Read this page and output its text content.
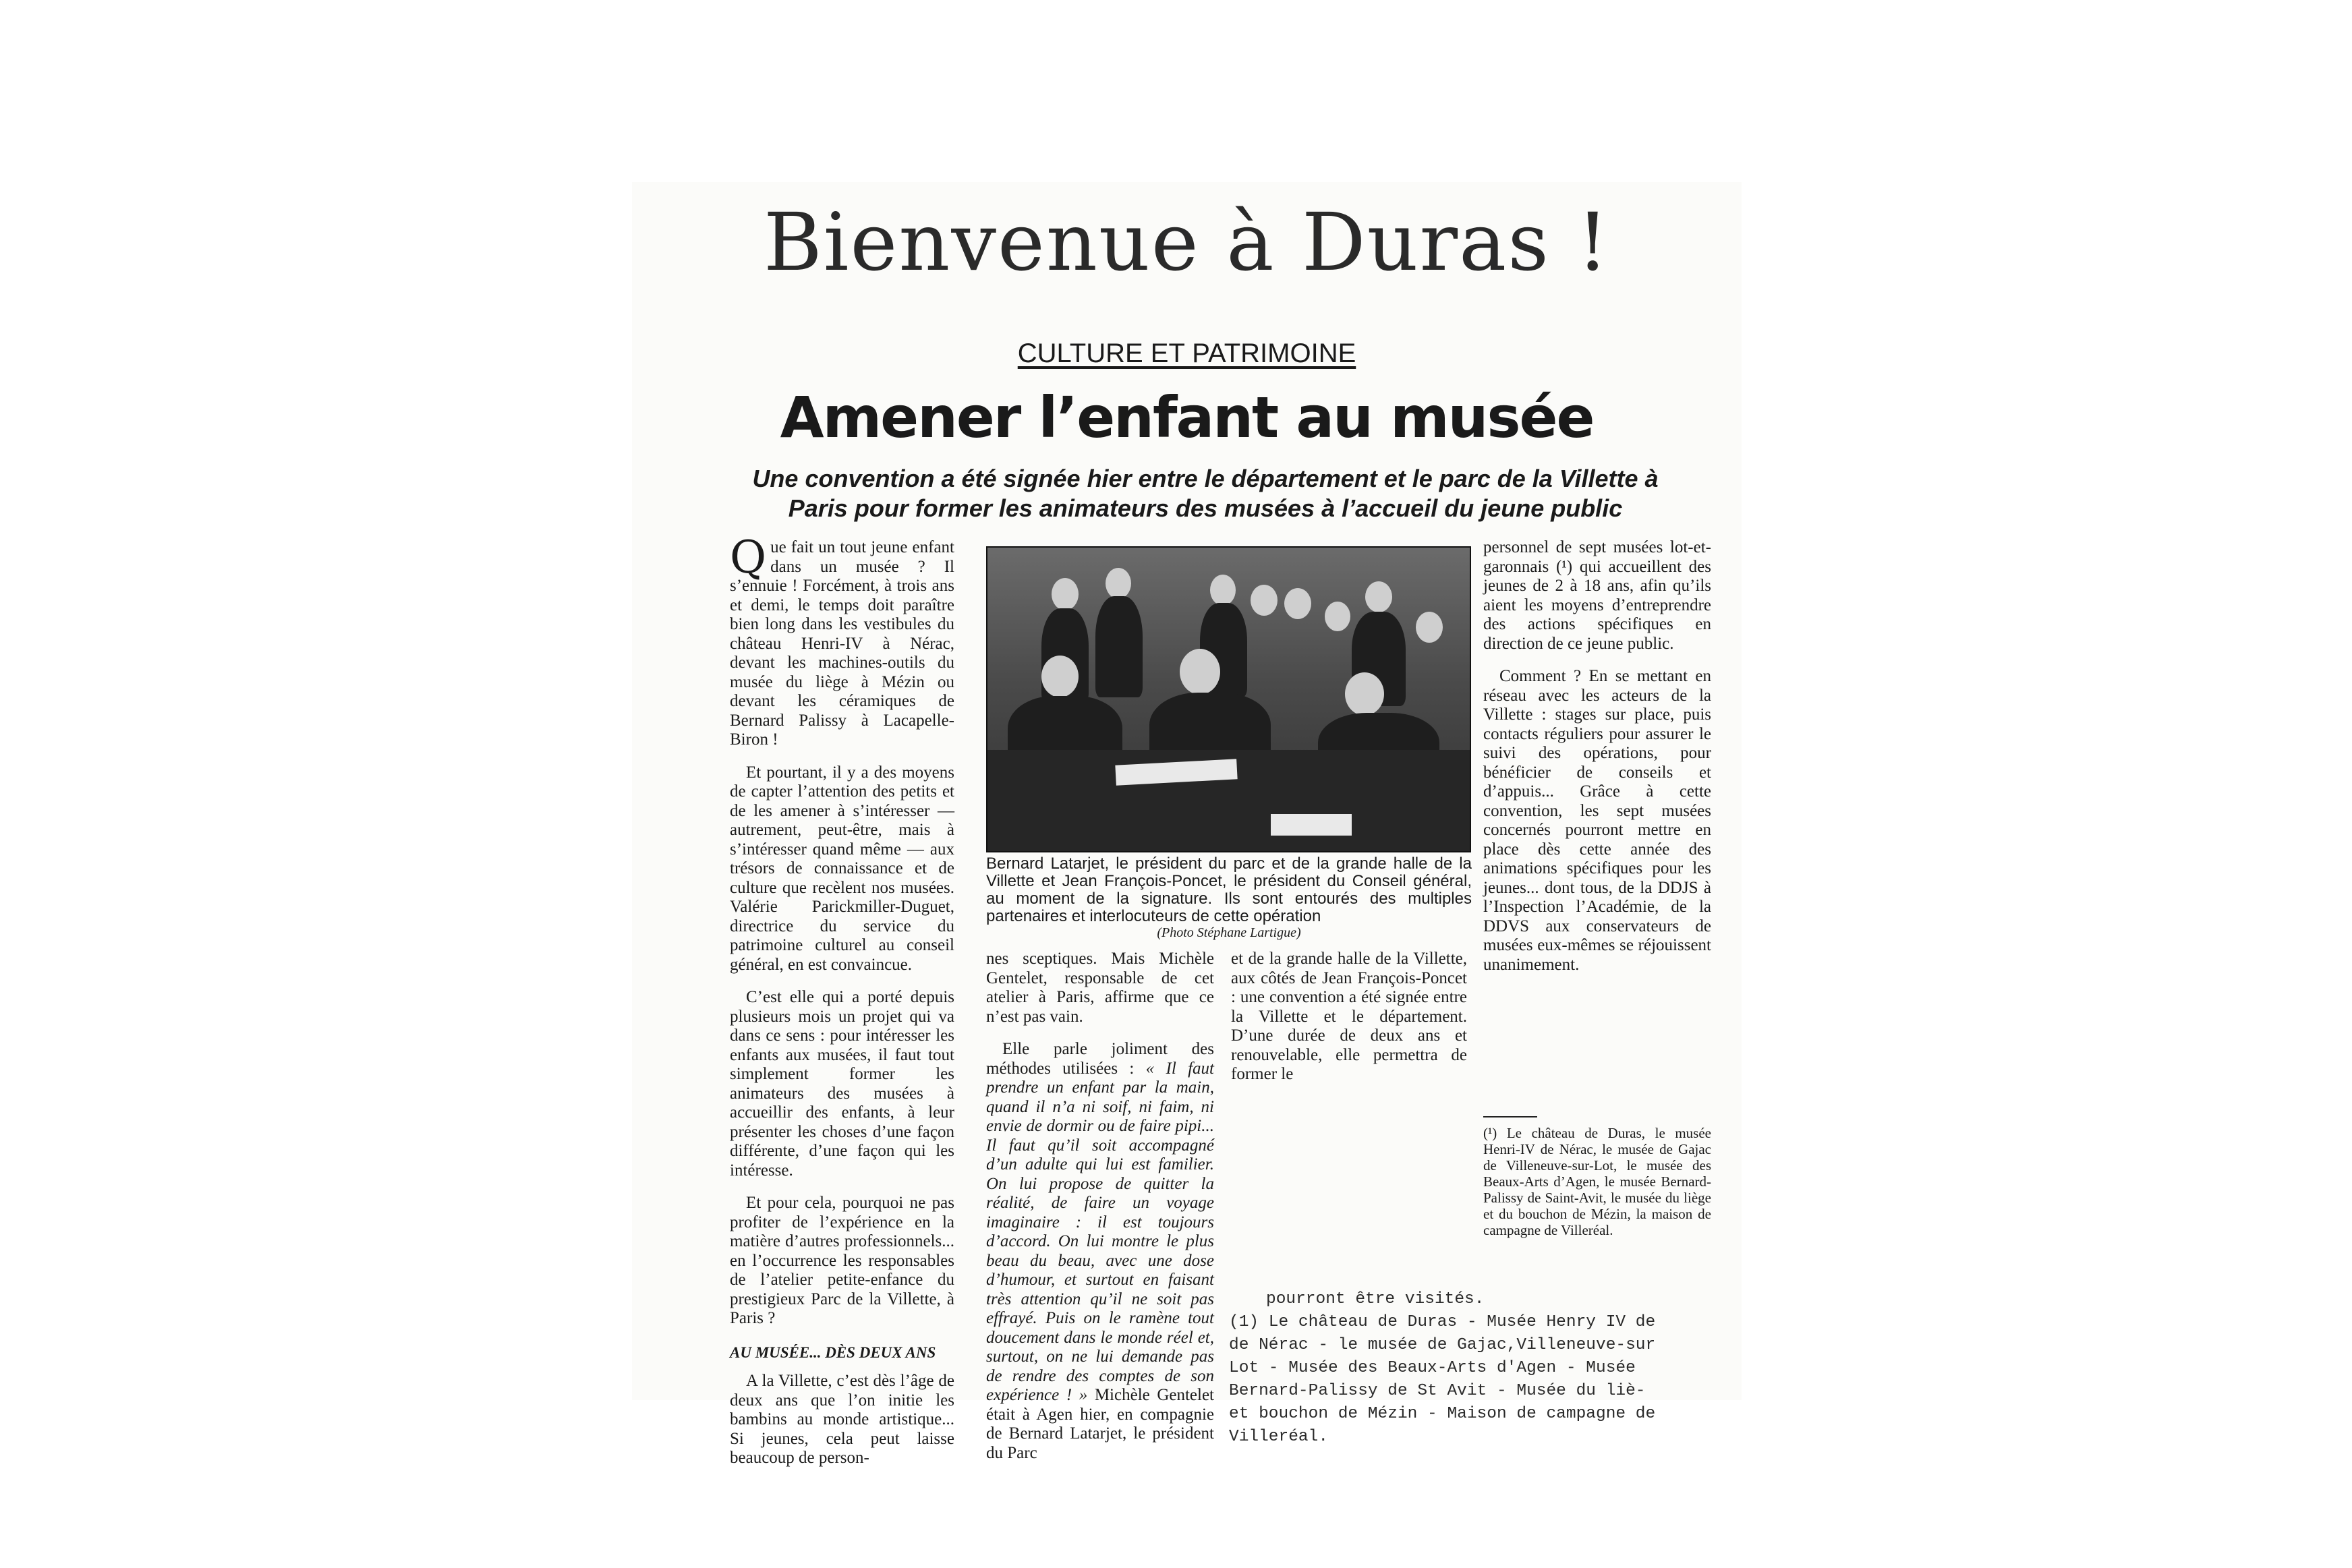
Bienvenue à Duras !
CULTURE ET PATRIMOINE
Amener l’enfant au musée
Une convention a été signée hier entre le département et le parc de la Villette à Paris pour former les animateurs des musées à l’accueil du jeune public

Que fait un tout jeune enfant dans un musée ? Il s’ennuie ! Forcément, à trois ans et demi, le temps doit paraître bien long dans les vestibules du château Henri-IV à Nérac, devant les machines-outils du musée du liège à Mézin ou devant les céramiques de Bernard Palissy à Lacapelle-Biron !

Et pourtant, il y a des moyens de capter l’attention des petits et de les amener à s’intéresser — autrement, peut-être, mais à s’intéresser quand même — aux trésors de connaissance et de culture que recèlent nos musées. Valérie Parickmiller-Duguet, directrice du service du patrimoine culturel au conseil général, en est convaincue.

C’est elle qui a porté depuis plusieurs mois un projet qui va dans ce sens : pour intéresser les enfants aux musées, il faut tout simplement former les animateurs des musées à accueillir des enfants, à leur présenter les choses d’une façon différente, d’une façon qui les intéresse.

Et pour cela, pourquoi ne pas profiter de l’expérience en la matière d’autres professionnels... en l’occurrence les responsables de l’atelier petite-enfance du prestigieux Parc de la Villette, à Paris ?

AU MUSÉE... DÈS DEUX ANS

A la Villette, c’est dès l’âge de deux ans que l’on initie les bambins au monde artistique... Si jeunes, cela peut laisse beaucoup de person-

Bernard Latarjet, le président du parc et de la grande halle de la Villette et Jean François-Poncet, le président du Conseil général, au moment de la signature. Ils sont entourés des multiples partenaires et interlocuteurs de cette opération
(Photo Stéphane Lartigue)

nes sceptiques. Mais Michèle Gentelet, responsable de cet atelier à Paris, affirme que ce n’est pas vain.

Elle parle joliment des méthodes utilisées : « Il faut prendre un enfant par la main, quand il n’a ni soif, ni faim, ni envie de dormir ou de faire pipi... Il faut qu’il soit accompagné d’un adulte qui lui est familier. On lui propose de quitter la réalité, de faire un voyage imaginaire : il est toujours d’accord. On lui montre le plus beau du beau, avec une dose d’humour, et surtout en faisant très attention qu’il ne soit pas effrayé. Puis on le ramène tout doucement dans le monde réel et, surtout, on ne lui demande pas de rendre des comptes de son expérience ! » Michèle Gentelet était à Agen hier, en compagnie de Bernard Latarjet, le président du Parc

et de la grande halle de la Villette, aux côtés de Jean François-Poncet : une convention a été signée entre la Villette et le département. D’une durée de deux ans et renouvelable, elle permettra de former le

personnel de sept musées lot-et-garonnais (¹) qui accueillent des jeunes de 2 à 18 ans, afin qu’ils aient les moyens d’entreprendre des actions spécifiques en direction de ce jeune public.

Comment ? En se mettant en réseau avec les acteurs de la Villette : stages sur place, puis contacts réguliers pour assurer le suivi des opérations, pour bénéficier de conseils et d’appuis... Grâce à cette convention, les sept musées concernés pourront mettre en place dès cette année des animations spécifiques pour les jeunes... dont tous, de la DDJS à l’Inspection l’Académie, de la DDVS aux conservateurs de musées eux-mêmes se réjouissent unanimement.

(¹) Le château de Duras, le musée Henri-IV de Nérac, le musée de Gajac de Villeneuve-sur-Lot, le musée des Beaux-Arts d’Agen, le musée Bernard-Palissy de Saint-Avit, le musée du liège et du bouchon de Mézin, la maison de campagne de Villeréal.
pourront être visités.
(1) Le château de Duras - Musée Henry IV de
de Nérac - le musée de Gajac,Villeneuve-sur
Lot - Musée des Beaux-Arts d'Agen - Musée
Bernard-Palissy de St Avit - Musée du liè-
et bouchon de Mézin - Maison de campagne de
Villeréal.
